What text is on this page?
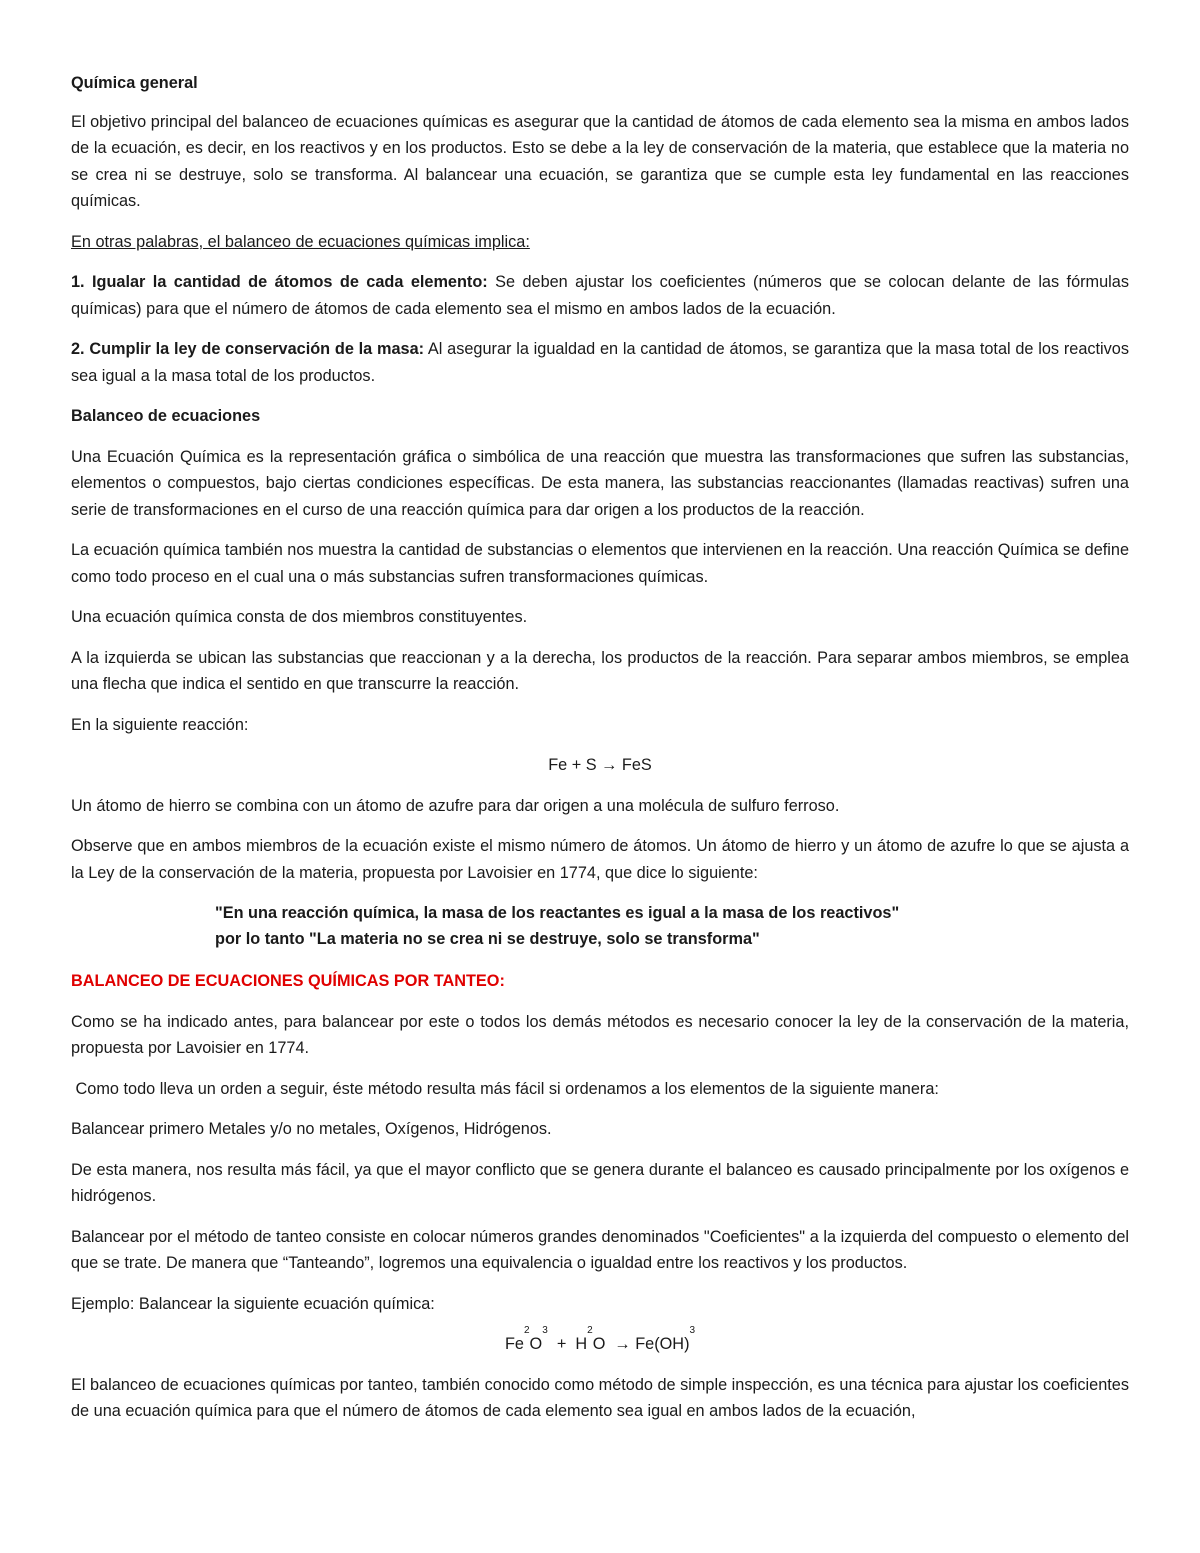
Química general

El objetivo principal del balanceo de ecuaciones químicas es asegurar que la cantidad de átomos de cada elemento sea la misma en ambos lados de la ecuación, es decir, en los reactivos y en los productos. Esto se debe a la ley de conservación de la materia, que establece que la materia no se crea ni se destruye, solo se transforma. Al balancear una ecuación, se garantiza que se cumple esta ley fundamental en las reacciones químicas.

En otras palabras, el balanceo de ecuaciones químicas implica:

1. Igualar la cantidad de átomos de cada elemento: Se deben ajustar los coeficientes (números que se colocan delante de las fórmulas químicas) para que el número de átomos de cada elemento sea el mismo en ambos lados de la ecuación.

2. Cumplir la ley de conservación de la masa: Al asegurar la igualdad en la cantidad de átomos, se garantiza que la masa total de los reactivos sea igual a la masa total de los productos.

Balanceo de ecuaciones

Una Ecuación Química es la representación gráfica o simbólica de una reacción que muestra las transformaciones que sufren las substancias, elementos o compuestos, bajo ciertas condiciones específicas. De esta manera, las substancias reaccionantes (llamadas reactivas) sufren una serie de transformaciones en el curso de una reacción química para dar origen a los productos de la reacción.

La ecuación química también nos muestra la cantidad de substancias o elementos que intervienen en la reacción. Una reacción Química se define como todo proceso en el cual una o más substancias sufren transformaciones químicas.

Una ecuación química consta de dos miembros constituyentes.

A la izquierda se ubican las substancias que reaccionan y a la derecha, los productos de la reacción. Para separar ambos miembros, se emplea una flecha que indica el sentido en que transcurre la reacción.

En la siguiente reacción:

Fe + S → FeS

Un átomo de hierro se combina con un átomo de azufre para dar origen a una molécula de sulfuro ferroso.

Observe que en ambos miembros de la ecuación existe el mismo número de átomos. Un átomo de hierro y un átomo de azufre lo que se ajusta a la Ley de la conservación de la materia, propuesta por Lavoisier en 1774, que dice lo siguiente:

"En una reacción química, la masa de los reactantes es igual a la masa de los reactivos"
por lo tanto "La materia no se crea ni se destruye, solo se transforma"

BALANCEO DE ECUACIONES QUÍMICAS POR TANTEO:

Como se ha indicado antes, para balancear por este o todos los demás métodos es necesario conocer la ley de la conservación de la materia, propuesta por Lavoisier en 1774.

Como todo lleva un orden a seguir, éste método resulta más fácil si ordenamos a los elementos de la siguiente manera:

Balancear primero Metales y/o no metales, Oxígenos, Hidrógenos.

De esta manera, nos resulta más fácil, ya que el mayor conflicto que se genera durante el balanceo es causado principalmente por los oxígenos e hidrógenos.

Balancear por el método de tanteo consiste en colocar números grandes denominados "Coeficientes" a la izquierda del compuesto o elemento del que se trate. De manera que “Tanteando”, logremos una equivalencia o igualdad entre los reactivos y los productos.

Ejemplo: Balancear la siguiente ecuación química:

Fe
2
O
3
+  H
2
O  → Fe(OH)
3

El balanceo de ecuaciones químicas por tanteo, también conocido como método de simple inspección, es una técnica para ajustar los coeficientes de una ecuación química para que el número de átomos de cada elemento sea igual en ambos lados de la ecuación,
